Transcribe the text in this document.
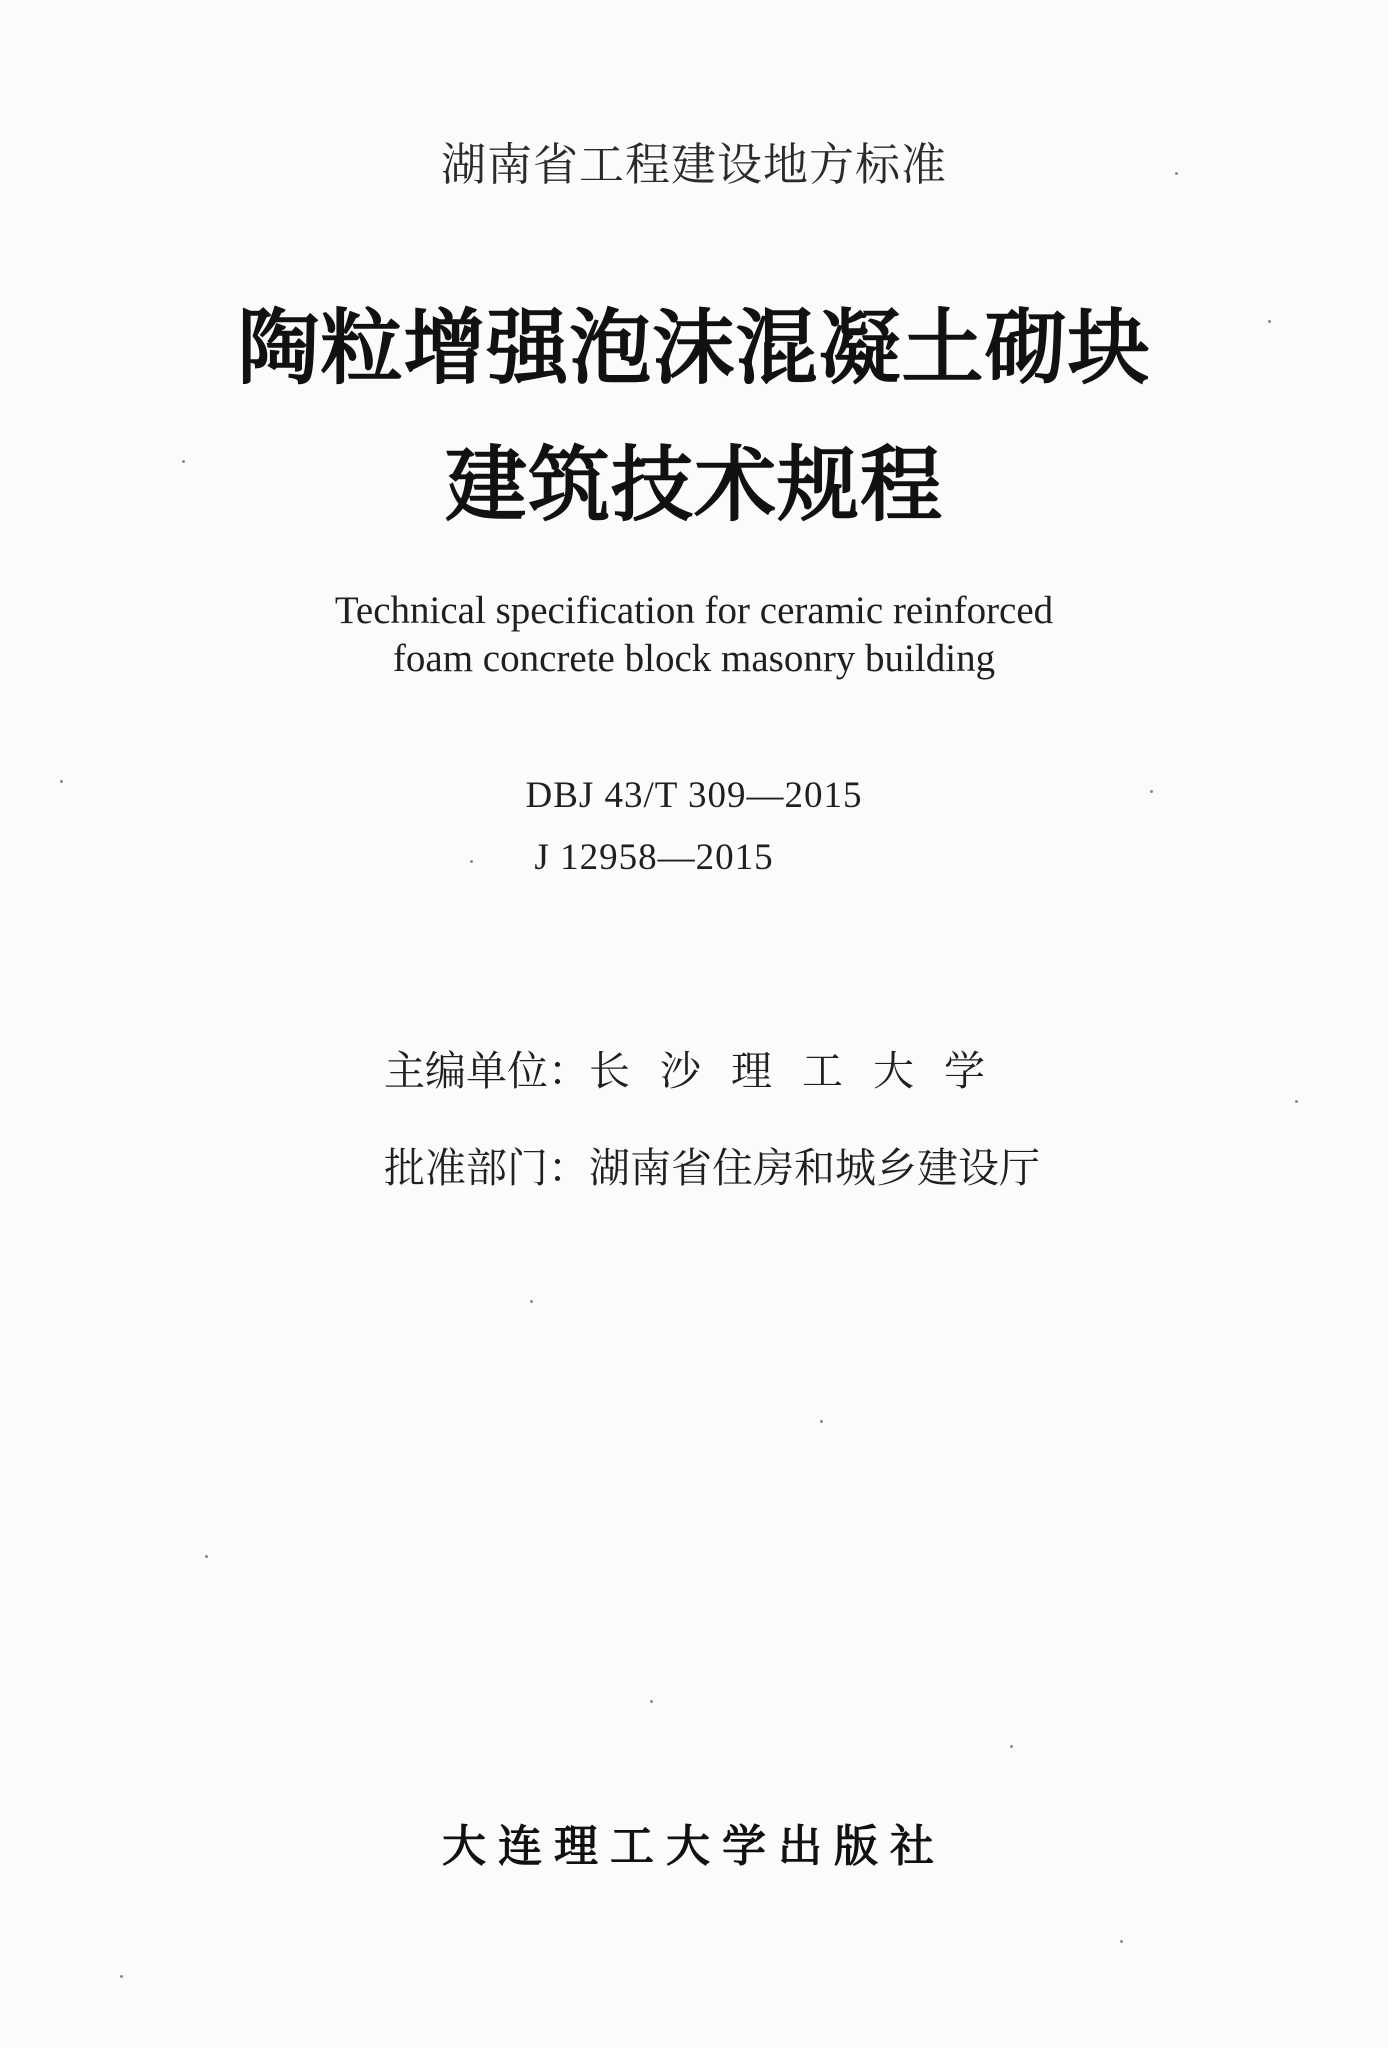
湖南省工程建设地方标准
陶粒增强泡沫混凝土砌块
建筑技术规程
Technical specification for ceramic reinforced
foam concrete block masonry building
DBJ 43/T 309—2015
J 12958—2015
主编单位：长沙理工大学
批准部门：湖南省住房和城乡建设厅
大连理工大学出版社
